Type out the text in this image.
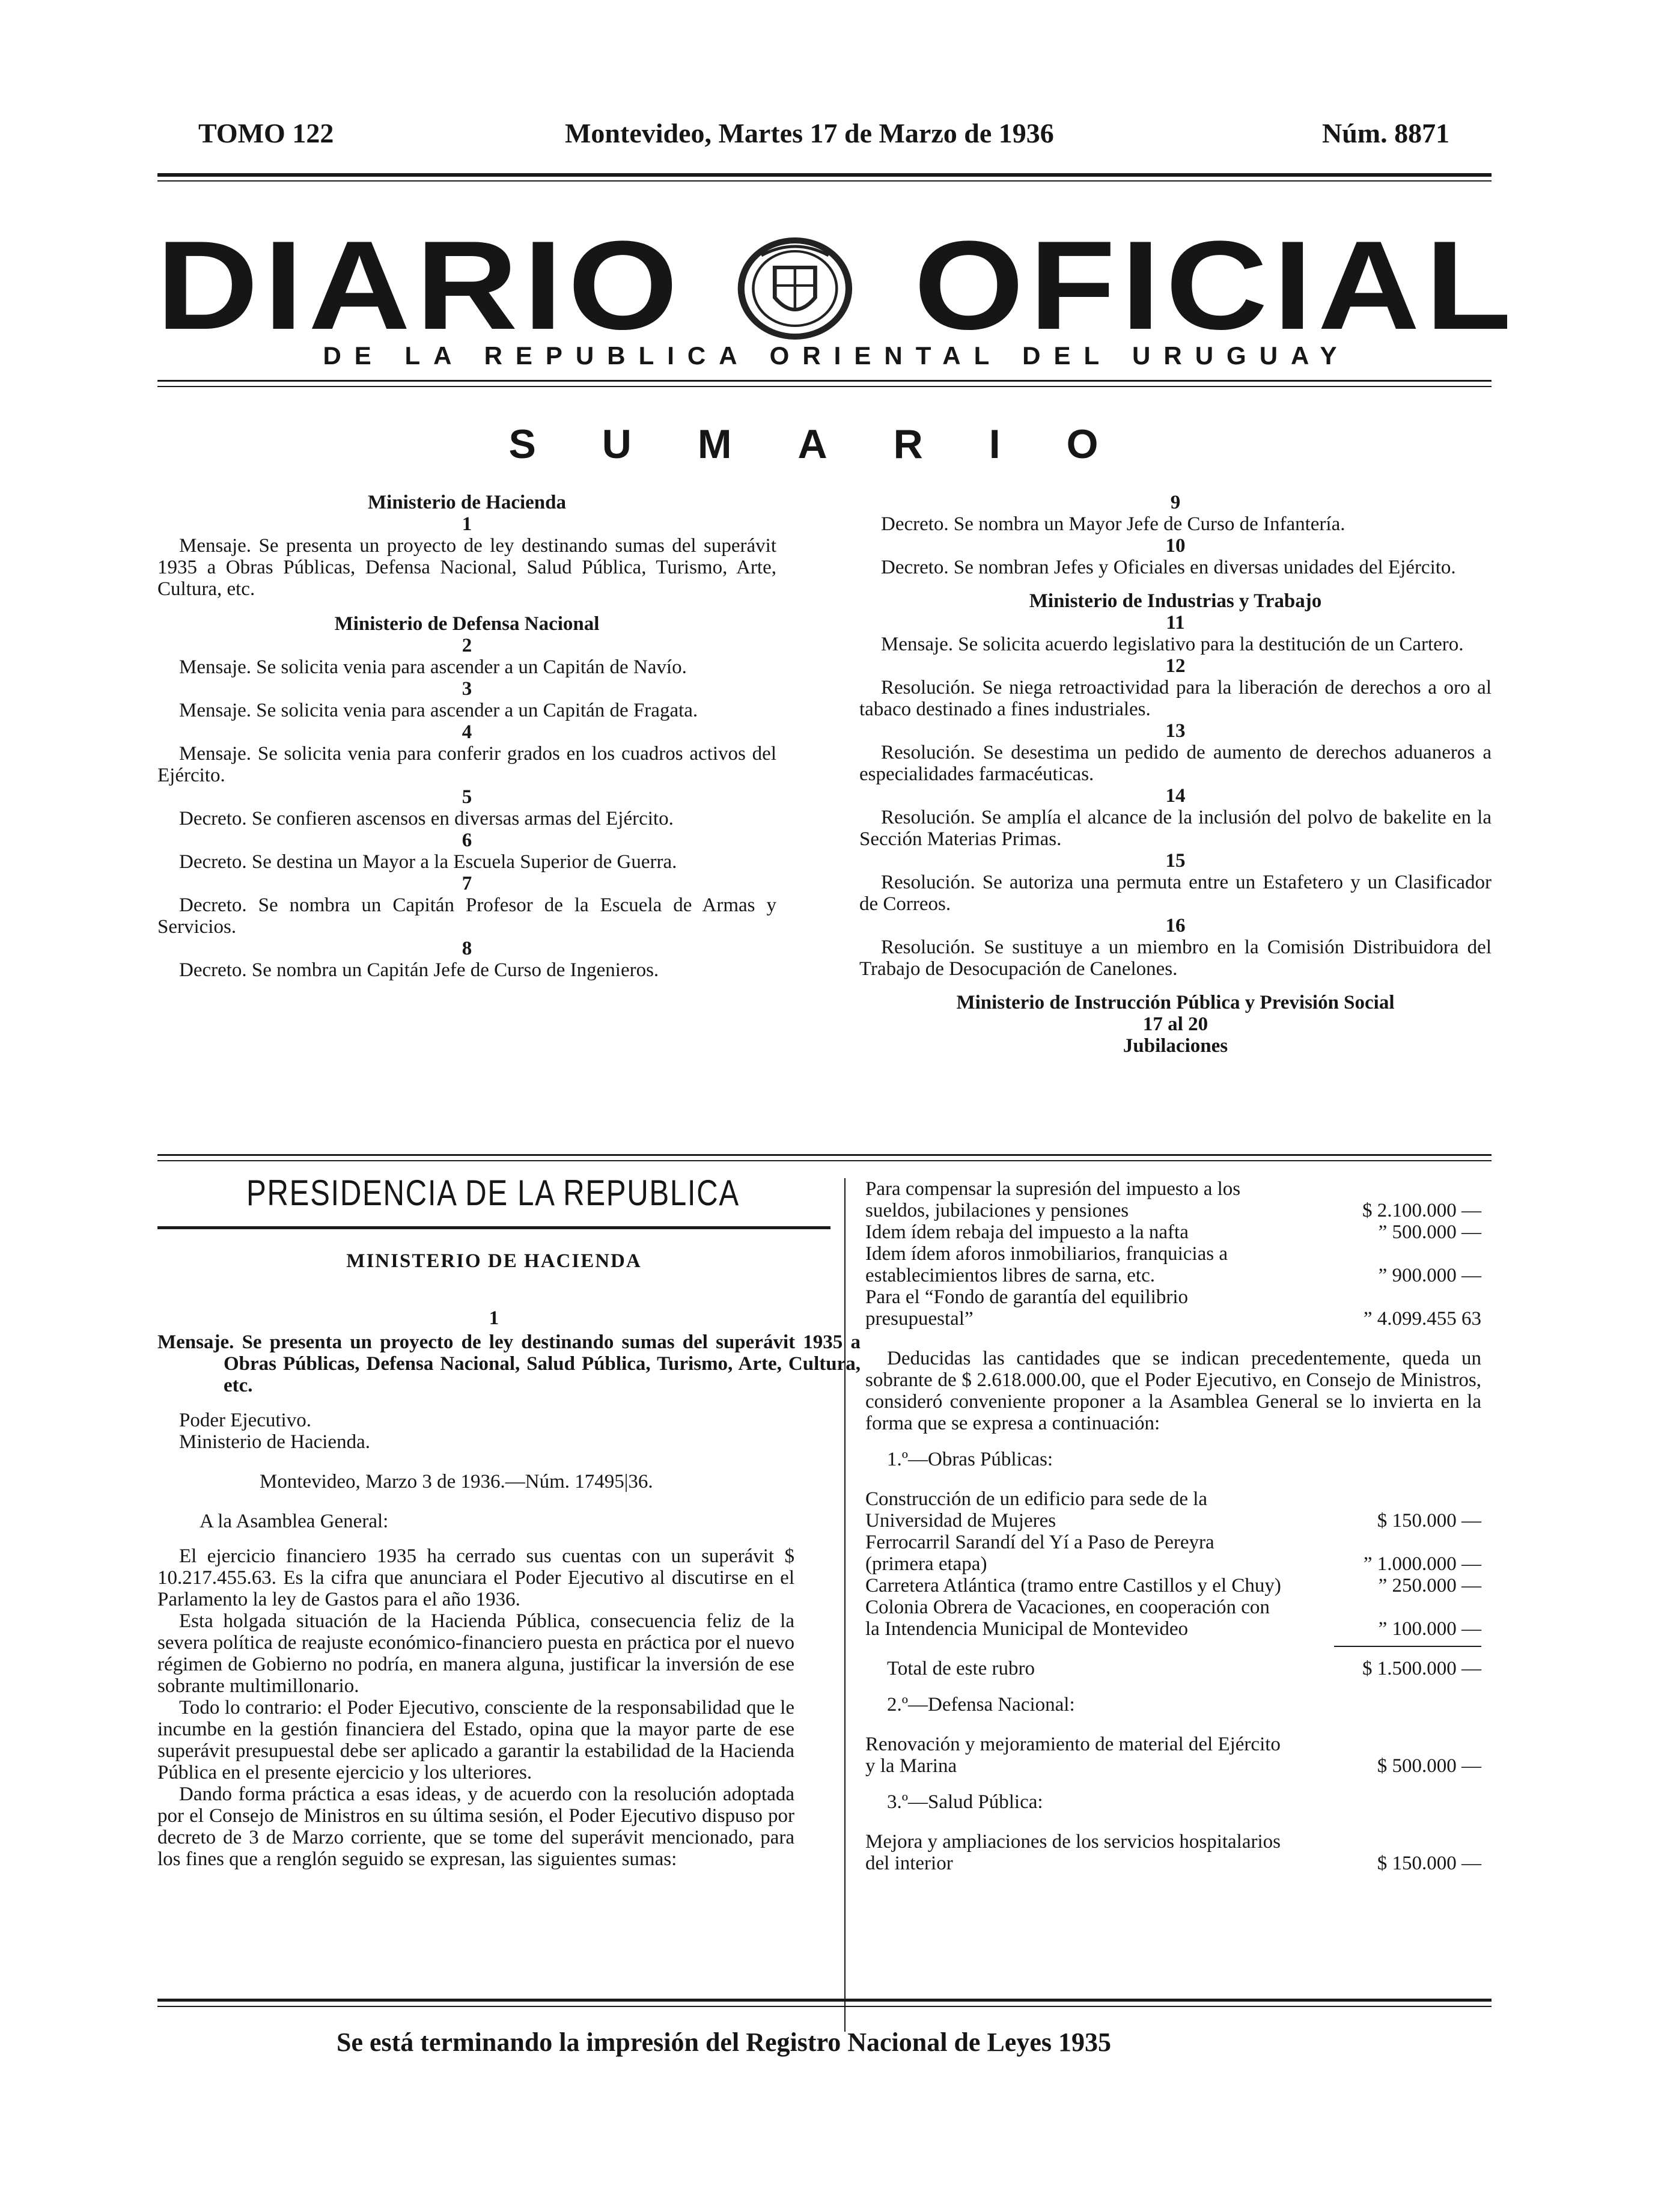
TOMO 122	Montevideo, Martes 17 de Marzo de 1936	Núm. 8871
DIARIO OFICIAL
DE LA REPUBLICA ORIENTAL DEL URUGUAY
SUMARIO

Ministerio de Hacienda

1

Mensaje. Se presenta un proyecto de ley destinando sumas del superávit 1935 a Obras Públicas, Defensa Nacional, Salud Pública, Turismo, Arte, Cultura, etc.

Ministerio de Defensa Nacional

2

Mensaje. Se solicita venia para ascender a un Capitán de Navío.

3

Mensaje. Se solicita venia para ascender a un Capitán de Fragata.

4

Mensaje. Se solicita venia para conferir grados en los cuadros activos del Ejército.

5

Decreto. Se confieren ascensos en diversas armas del Ejército.

6

Decreto. Se destina un Mayor a la Escuela Superior de Guerra.

7

Decreto. Se nombra un Capitán Profesor de la Escuela de Armas y Servicios.

8

Decreto. Se nombra un Capitán Jefe de Curso de Ingenieros.

9

Decreto. Se nombra un Mayor Jefe de Curso de Infantería.

10

Decreto. Se nombran Jefes y Oficiales en diversas unidades del Ejército.

Ministerio de Industrias y Trabajo

11

Mensaje. Se solicita acuerdo legislativo para la destitución de un Cartero.

12

Resolución. Se niega retroactividad para la liberación de derechos a oro al tabaco destinado a fines industriales.

13

Resolución. Se desestima un pedido de aumento de derechos aduaneros a especialidades farmacéuticas.

14

Resolución. Se amplía el alcance de la inclusión del polvo de bakelite en la Sección Materias Primas.

15

Resolución. Se autoriza una permuta entre un Estafetero y un Clasificador de Correos.

16

Resolución. Se sustituye a un miembro en la Comisión Distribuidora del Trabajo de Desocupación de Canelones.

Ministerio de Instrucción Pública y Previsión Social

17 al 20

Jubilaciones

PRESIDENCIA DE LA REPUBLICA
MINISTERIO DE HACIENDA
1
Mensaje. Se presenta un proyecto de ley destinando sumas del superávit 1935 a Obras Públicas, Defensa Nacional, Salud Pública, Turismo, Arte, Cultura, etc.

Poder Ejecutivo.

Ministerio de Hacienda.

Montevideo, Marzo 3 de 1936.—Núm. 17495|36.

A la Asamblea General:

El ejercicio financiero 1935 ha cerrado sus cuentas con un superávit $ 10.217.455.63. Es la cifra que anunciara el Poder Ejecutivo al discutirse en el Parlamento la ley de Gastos para el año 1936.

Esta holgada situación de la Hacienda Pública, consecuencia feliz de la severa política de reajuste económico-financiero puesta en práctica por el nuevo régimen de Gobierno no podría, en manera alguna, justificar la inversión de ese sobrante multimillonario.

Todo lo contrario: el Poder Ejecutivo, consciente de la responsabilidad que le incumbe en la gestión financiera del Estado, opina que la mayor parte de ese superávit presupuestal debe ser aplicado a garantir la estabilidad de la Hacienda Pública en el presente ejercicio y los ulteriores.

Dando forma práctica a esas ideas, y de acuerdo con la resolución adoptada por el Consejo de Ministros en su última sesión, el Poder Ejecutivo dispuso por decreto de 3 de Marzo corriente, que se tome del superávit mencionado, para los fines que a renglón seguido se expresan, las siguientes sumas:

Para compensar la supresión del impuesto a los sueldos, jubilaciones y pensiones	$ 2.100.000 —
Idem ídem rebaja del impuesto a la nafta	” 500.000 —
Idem ídem aforos inmobiliarios, franquicias a establecimientos libres de sarna, etc.	” 900.000 —
Para el “Fondo de garantía del equilibrio presupuestal”	” 4.099.455 63

Deducidas las cantidades que se indican precedentemente, queda un sobrante de $ 2.618.000.00, que el Poder Ejecutivo, en Consejo de Ministros, consideró conveniente proponer a la Asamblea General se lo invierta en la forma que se expresa a continuación:

1.º—Obras Públicas:

Construcción de un edificio para sede de la Universidad de Mujeres	$ 150.000 —
Ferrocarril Sarandí del Yí a Paso de Pereyra (primera etapa)	” 1.000.000 —
Carretera Atlántica (tramo entre Castillos y el Chuy)	” 250.000 —
Colonia Obrera de Vacaciones, en cooperación con la Intendencia Municipal de Montevideo	” 100.000 —
Total de este rubro	$ 1.500.000 —

2.º—Defensa Nacional:

Renovación y mejoramiento de material del Ejército y la Marina	$ 500.000 —

3.º—Salud Pública:

Mejora y ampliaciones de los servicios hospitalarios del interior	$ 150.000 —
Se está terminando la impresión del Registro Nacional de Leyes 1935
